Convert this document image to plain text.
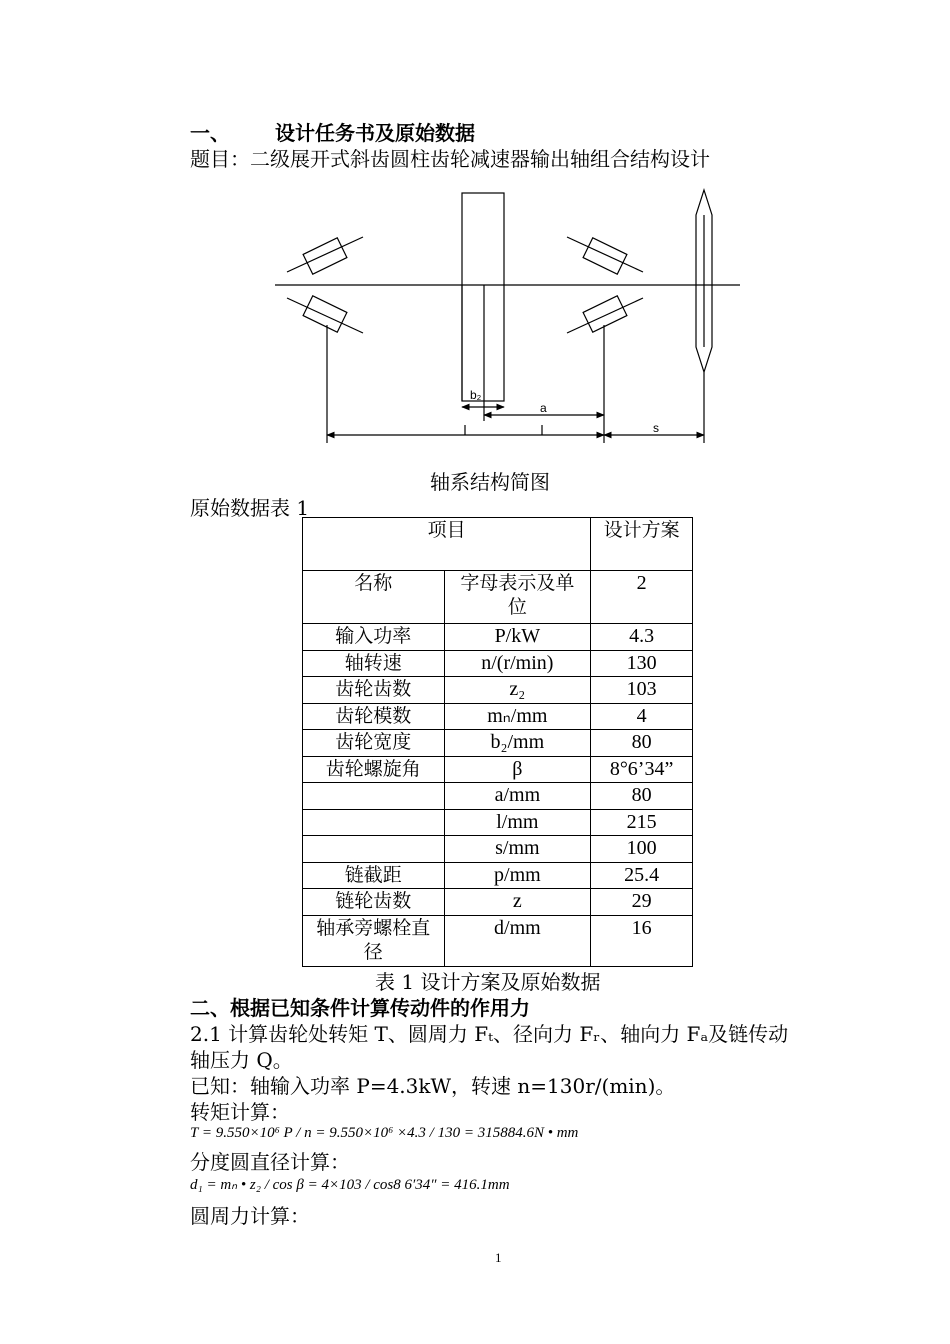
一、 设计任务书及原始数据
题目：二级展开式斜齿圆柱齿轮减速器输出轴组合结构设计
b₂
a
s
轴系结构简图
原始数据表 1
项目		设计方案
名称	字母表示及单位	2
输入功率	P/kW	4.3
轴转速	n/(r/min)	130
齿轮齿数	z₂	103
齿轮模数	mₙ/mm	4
齿轮宽度	b₂/mm	80
齿轮螺旋角	β	8°6’34”
	a/mm	80
	l/mm	215
	s/mm	100
链截距	p/mm	25.4
链轮齿数	z	29
轴承旁螺栓直径	d/mm	16
表 1 设计方案及原始数据
二、根据已知条件计算传动件的作用力
2.1 计算齿轮处转矩 T、圆周力 Fₜ、径向力 Fᵣ、轴向力 Fₐ及链传动
轴压力 Q。
已知：轴输入功率 P=4.3kW，转速 n=130r/(min)。
转矩计算：
T = 9.550×10⁶ P / n = 9.550×10⁶ ×4.3 / 130 = 315884.6N • mm
分度圆直径计算：
d₁ = mₙ • z₂ / cos β = 4×103 / cos8 6′34″ = 416.1mm
圆周力计算：
1
